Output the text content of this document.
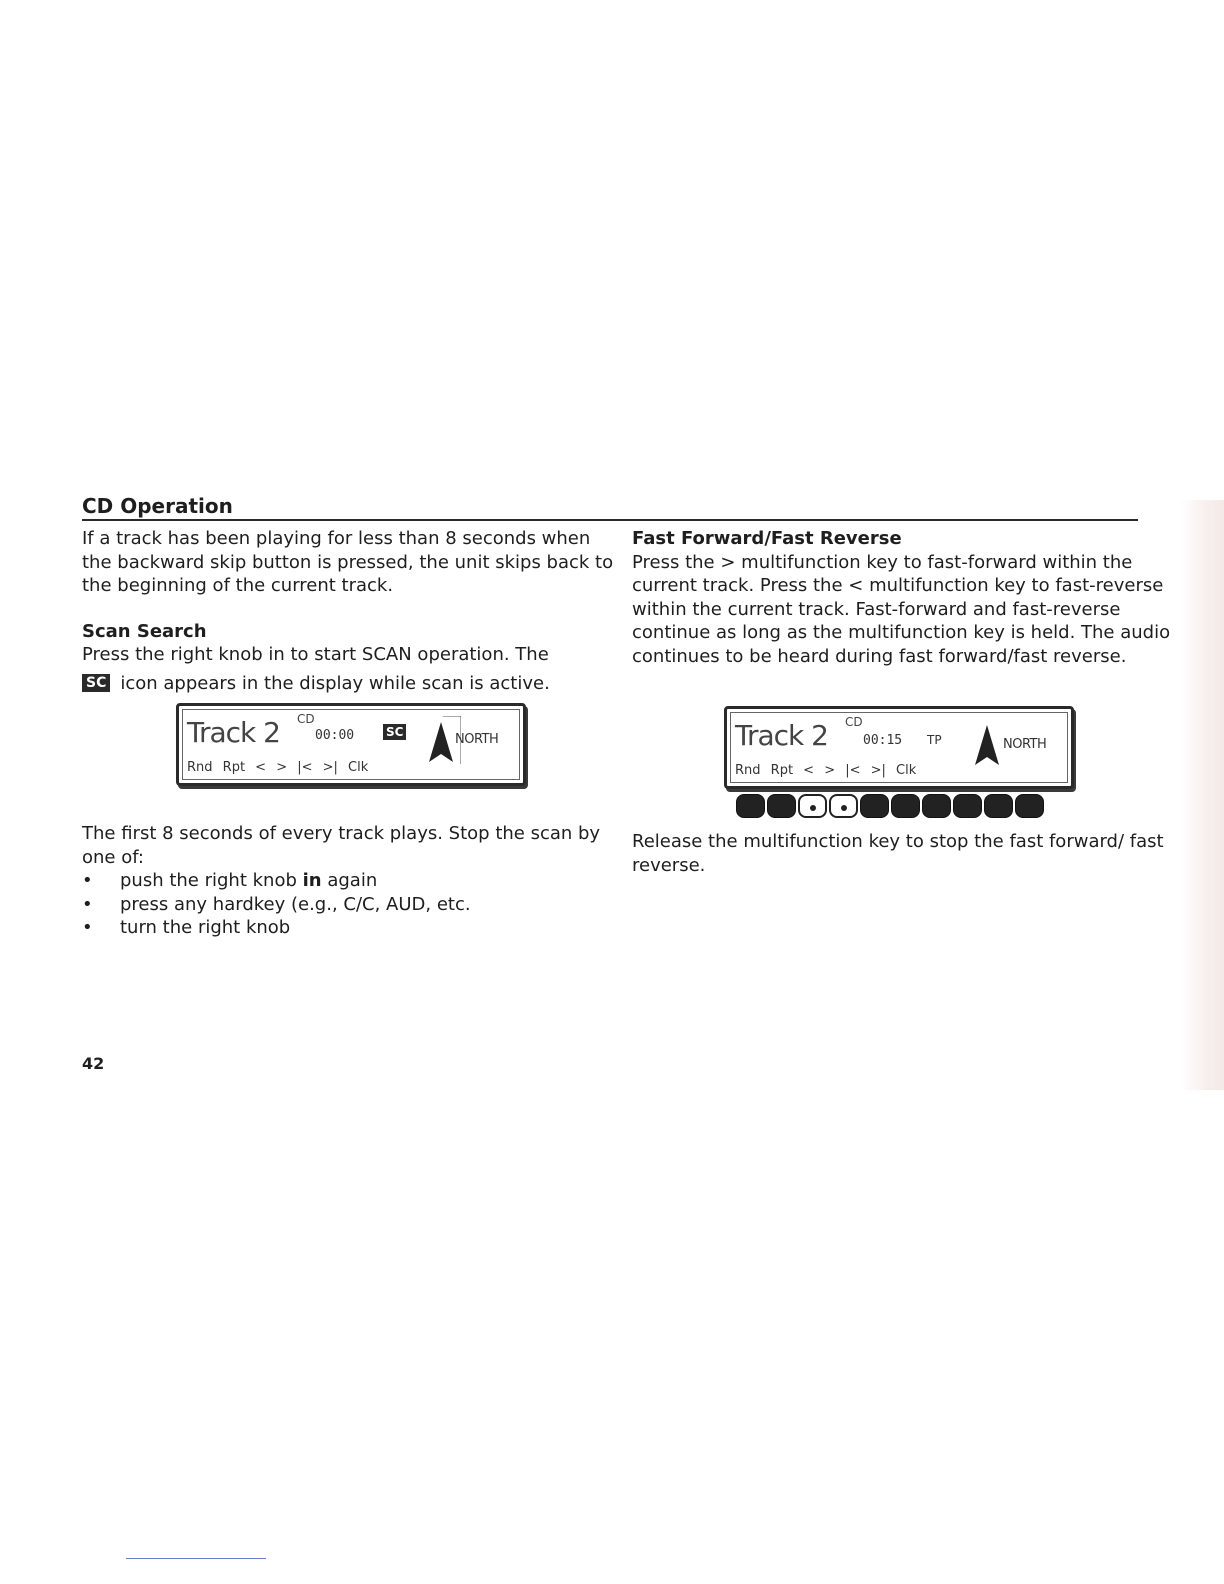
CD Operation

If a track has been playing for less than 8 seconds when the backward skip button is pressed, the unit skips back to the beginning of the current track.

Scan Search

Press the right knob in to start SCAN operation. The

SC icon appears in the display while scan is active.

The first 8 seconds of every track plays. Stop the scan by one of:

• push the right knob in again
• press any hardkey (e.g., C/C, AUD, etc.
• turn the right knob
Track 2 CD
00:00	SC	NORTH
Rnd Rpt < > |< >| Clk
Fast Forward/Fast Reverse

Press the > multifunction key to fast-forward within the current track. Press the < multifunction key to fast-reverse within the current track. Fast-forward and fast-reverse continue as long as the multifunction key is held. The audio continues to be heard during fast forward/fast reverse.

Release the multifunction key to stop the fast forward/ fast reverse.

Track 2 CD
00:15 TP	NORTH
Rnd Rpt < > |< >| Clk
42
